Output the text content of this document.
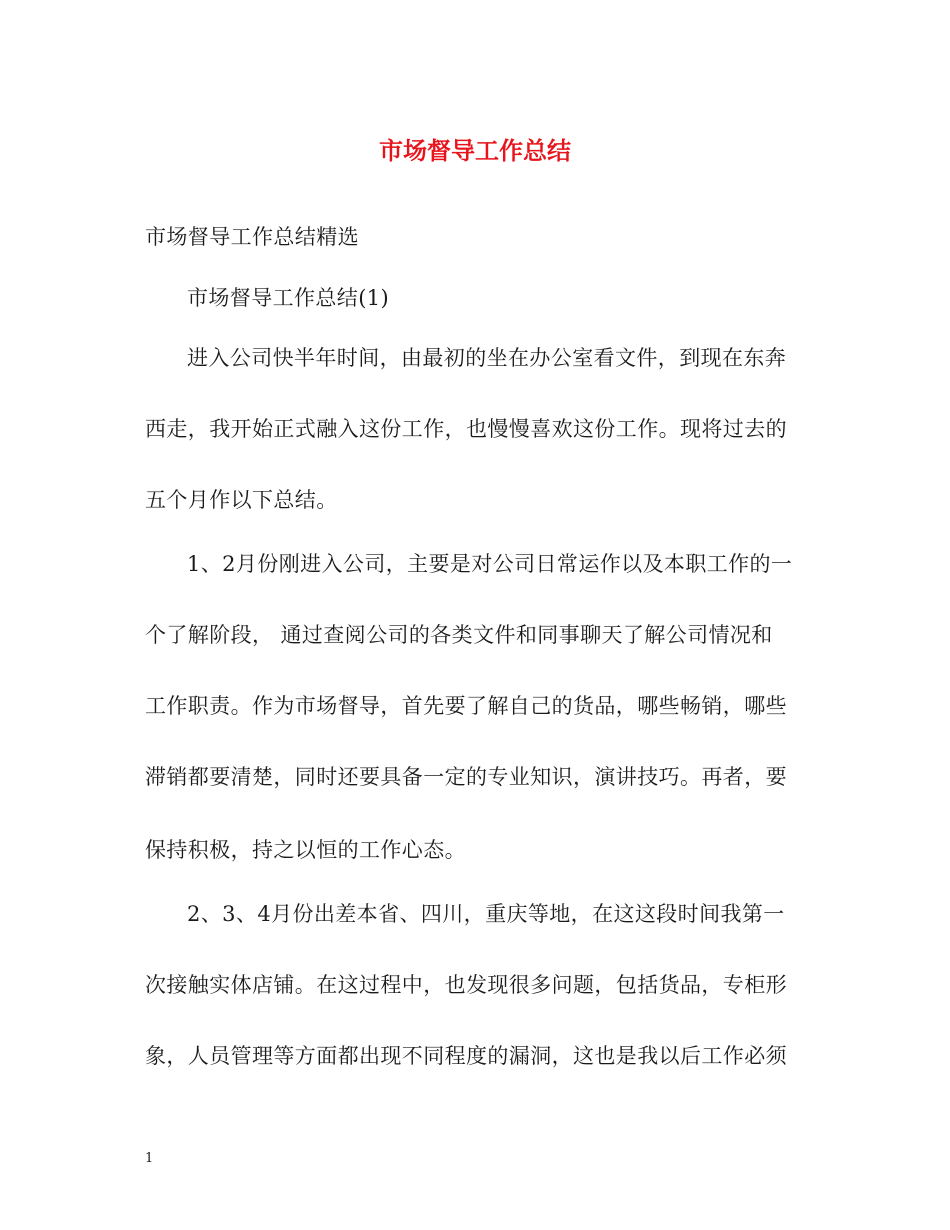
市场督导工作总结
市场督导工作总结精选
市场督导工作总结(1)
进入公司快半年时间，由最初的坐在办公室看文件，到现在东奔
西走，我开始正式融入这份工作，也慢慢喜欢这份工作。现将过去的
五个月作以下总结。
1、2月份刚进入公司，主要是对公司日常运作以及本职工作的一
个了解阶段， 通过查阅公司的各类文件和同事聊天了解公司情况和
工作职责。作为市场督导，首先要了解自己的货品，哪些畅销，哪些
滞销都要清楚，同时还要具备一定的专业知识，演讲技巧。再者，要
保持积极，持之以恒的工作心态。
2、3、4月份出差本省、四川，重庆等地，在这这段时间我第一
次接触实体店铺。在这过程中，也发现很多问题，包括货品，专柜形
象，人员管理等方面都出现不同程度的漏洞，这也是我以后工作必须
1
